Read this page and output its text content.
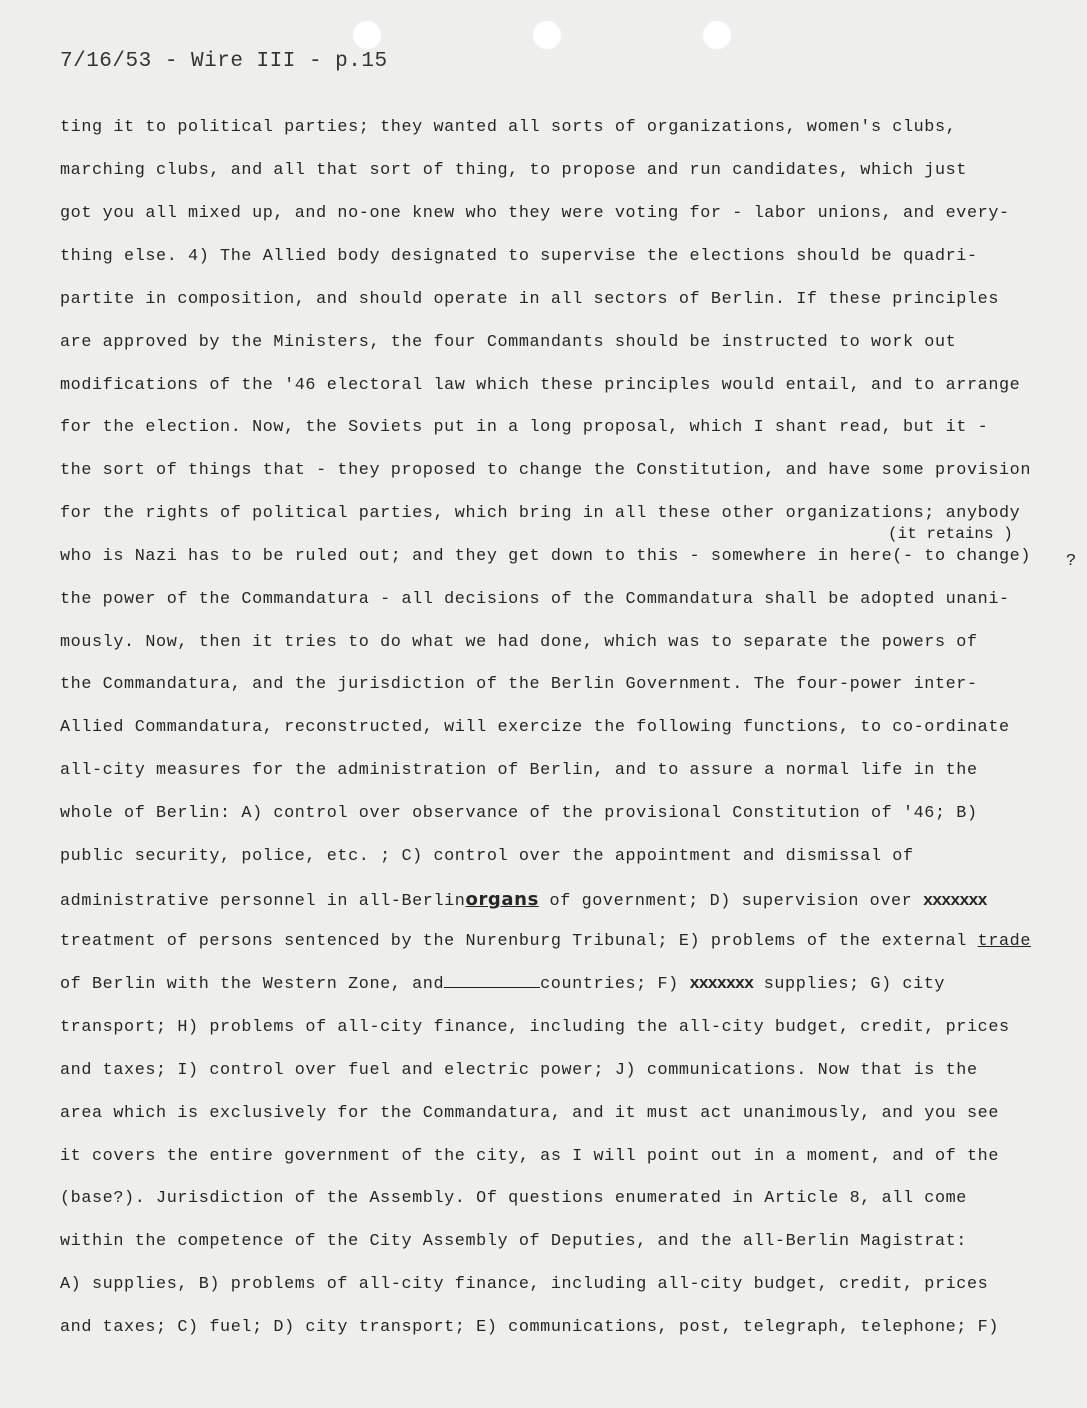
7/16/53 - Wire III - p.15
(it retains )
?
ting it to political parties; they wanted all sorts of organizations, women's clubs,
marching clubs, and all that sort of thing, to propose and run candidates, which just
got you all mixed up, and no-one knew who they were voting for - labor unions, and every-
thing else. 4) The Allied body designated to supervise the elections should be quadri-
partite in composition, and should operate in all sectors of Berlin. If these principles
are approved by the Ministers, the four Commandants should be instructed to work out
modifications of the '46 electoral law which these principles would entail, and to arrange
for the election. Now, the Soviets put in a long proposal, which I shant read, but it -
the sort of things that - they proposed to change the Constitution, and have some provision
for the rights of political parties, which bring in all these other organizations; anybody
who is Nazi has to be ruled out; and they get down to this - somewhere in here(- to change)
the power of the Commandatura - all decisions of the Commandatura shall be adopted unani-
mously. Now, then it tries to do what we had done, which was to separate the powers of
the Commandatura, and the jurisdiction of the Berlin Government. The four-power inter-
Allied Commandatura, reconstructed, will exercize the following functions, to co-ordinate
all-city measures for the administration of Berlin, and to assure a normal life in the
whole of Berlin: A) control over observance of the provisional Constitution of '46; B)
public security, police, etc. ; C) control over the appointment and dismissal of
administrative personnel in all-Berlinorgans of government; D) supervision over xxxxxxx
treatment of persons sentenced by the Nurenburg Tribunal; E) problems of the external trade
of Berlin with the Western Zone, and	countries; F) xxxxxxx supplies; G) city
transport; H) problems of all-city finance, including the all-city budget, credit, prices
and taxes; I) control over fuel and electric power; J) communications. Now that is the
area which is exclusively for the Commandatura, and it must act unanimously, and you see
it covers the entire government of the city, as I will point out in a moment, and of the
(base?). Jurisdiction of the Assembly. Of questions enumerated in Article 8, all come
within the competence of the City Assembly of Deputies, and the all-Berlin Magistrat:
A) supplies, B) problems of all-city finance, including all-city budget, credit, prices
and taxes; C) fuel; D) city transport; E) communications, post, telegraph, telephone; F)
